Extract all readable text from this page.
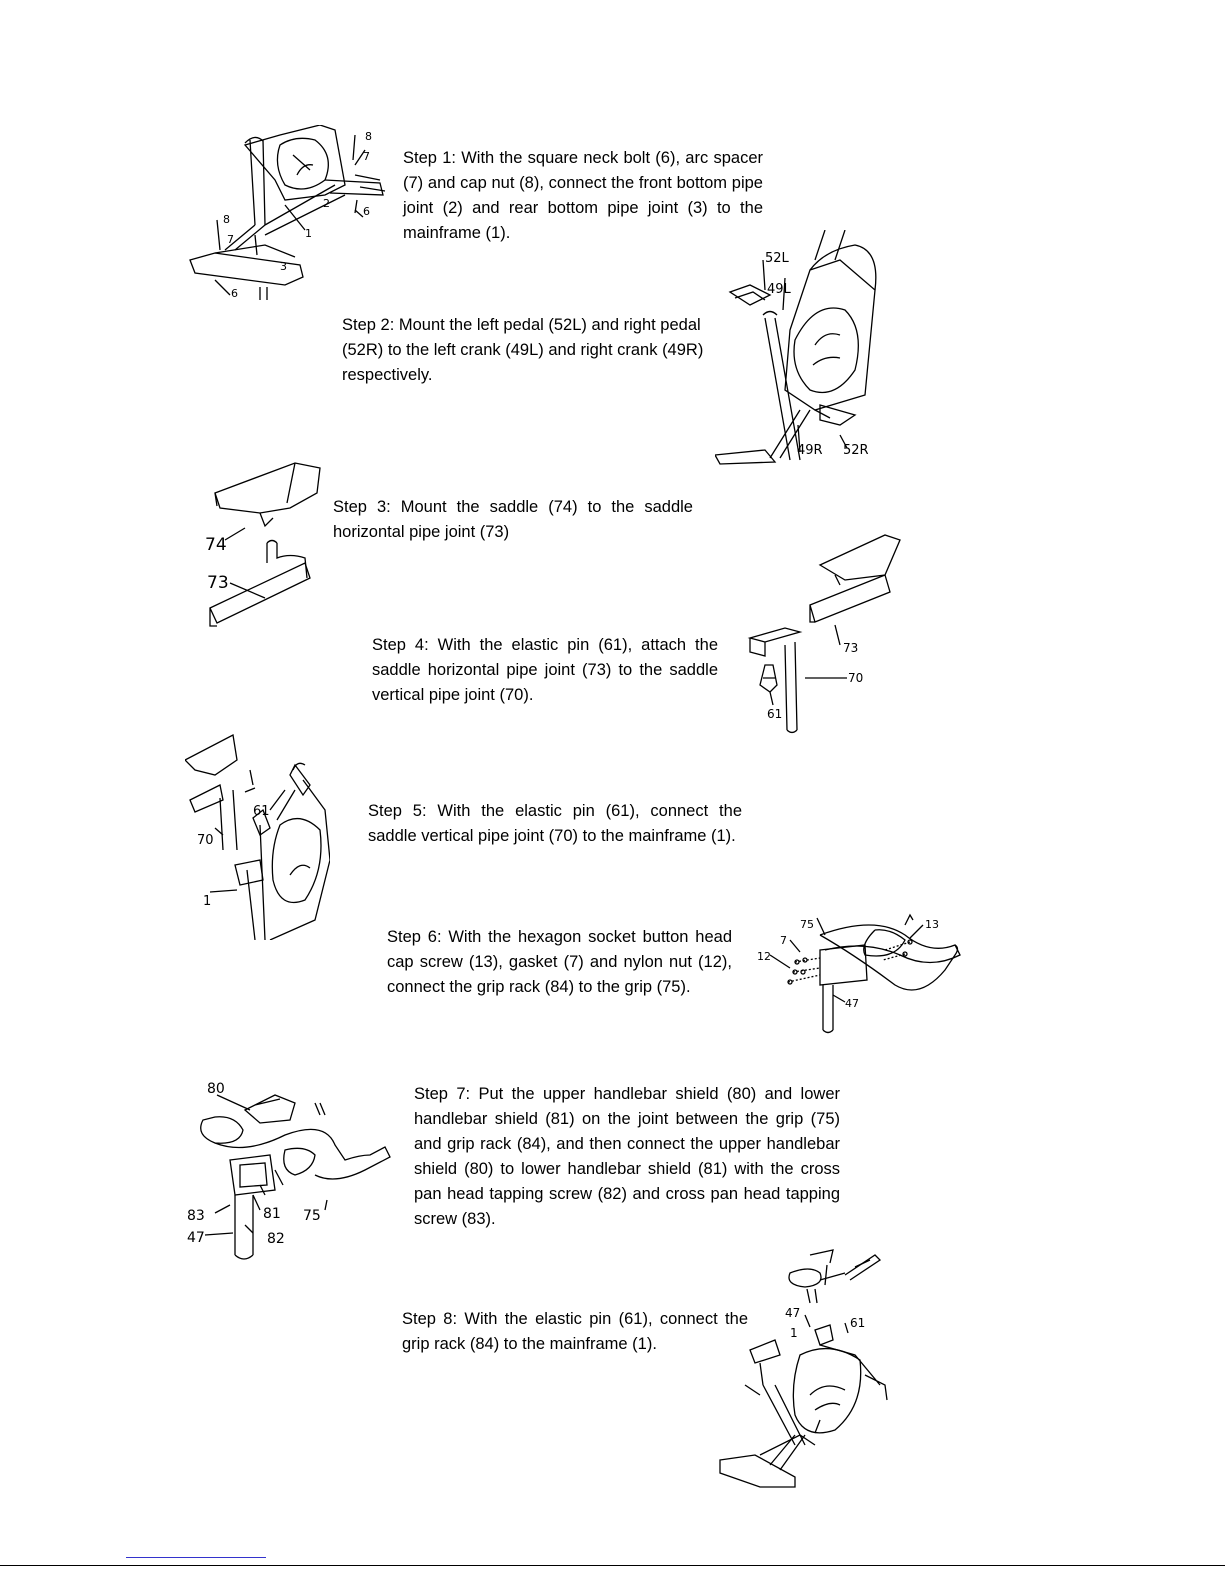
Step 1: With the square neck bolt (6), arc spacer (7) and cap nut (8), connect the front bottom pipe joint (2) and rear bottom pipe joint (3) to the mainframe (1).
8
7
2
6
8
7	1
3
6
Step 2: Mount the left pedal (52L) and right pedal (52R) to the left crank (49L) and right crank (49R) respectively.
52L
49L
49R 52R
Step 3: Mount the saddle (74) to the saddle horizontal pipe joint (73)
74
73
Step 4: With the elastic pin (61), attach the saddle horizontal pipe joint (73) to the saddle vertical pipe joint (70).
73
70
61
Step 5: With the elastic pin (61), connect the saddle vertical pipe joint (70) to the mainframe (1).
61
70
1
Step 6: With the hexagon socket button head cap screw (13), gasket (7) and nylon nut (12), connect the grip rack (84) to the grip (75).
75	13
7
12
47
Step 7: Put the upper handlebar shield (80) and lower handlebar shield (81) on the joint between the grip (75) and grip rack (84), and then connect the upper handlebar shield (80) to lower handlebar shield (81) with the cross pan head tapping screw (82) and cross pan head tapping screw (83).
80
83
47
81 75
82
Step 8: With the elastic pin (61), connect the grip rack (84) to the mainframe (1).
47
61
1
